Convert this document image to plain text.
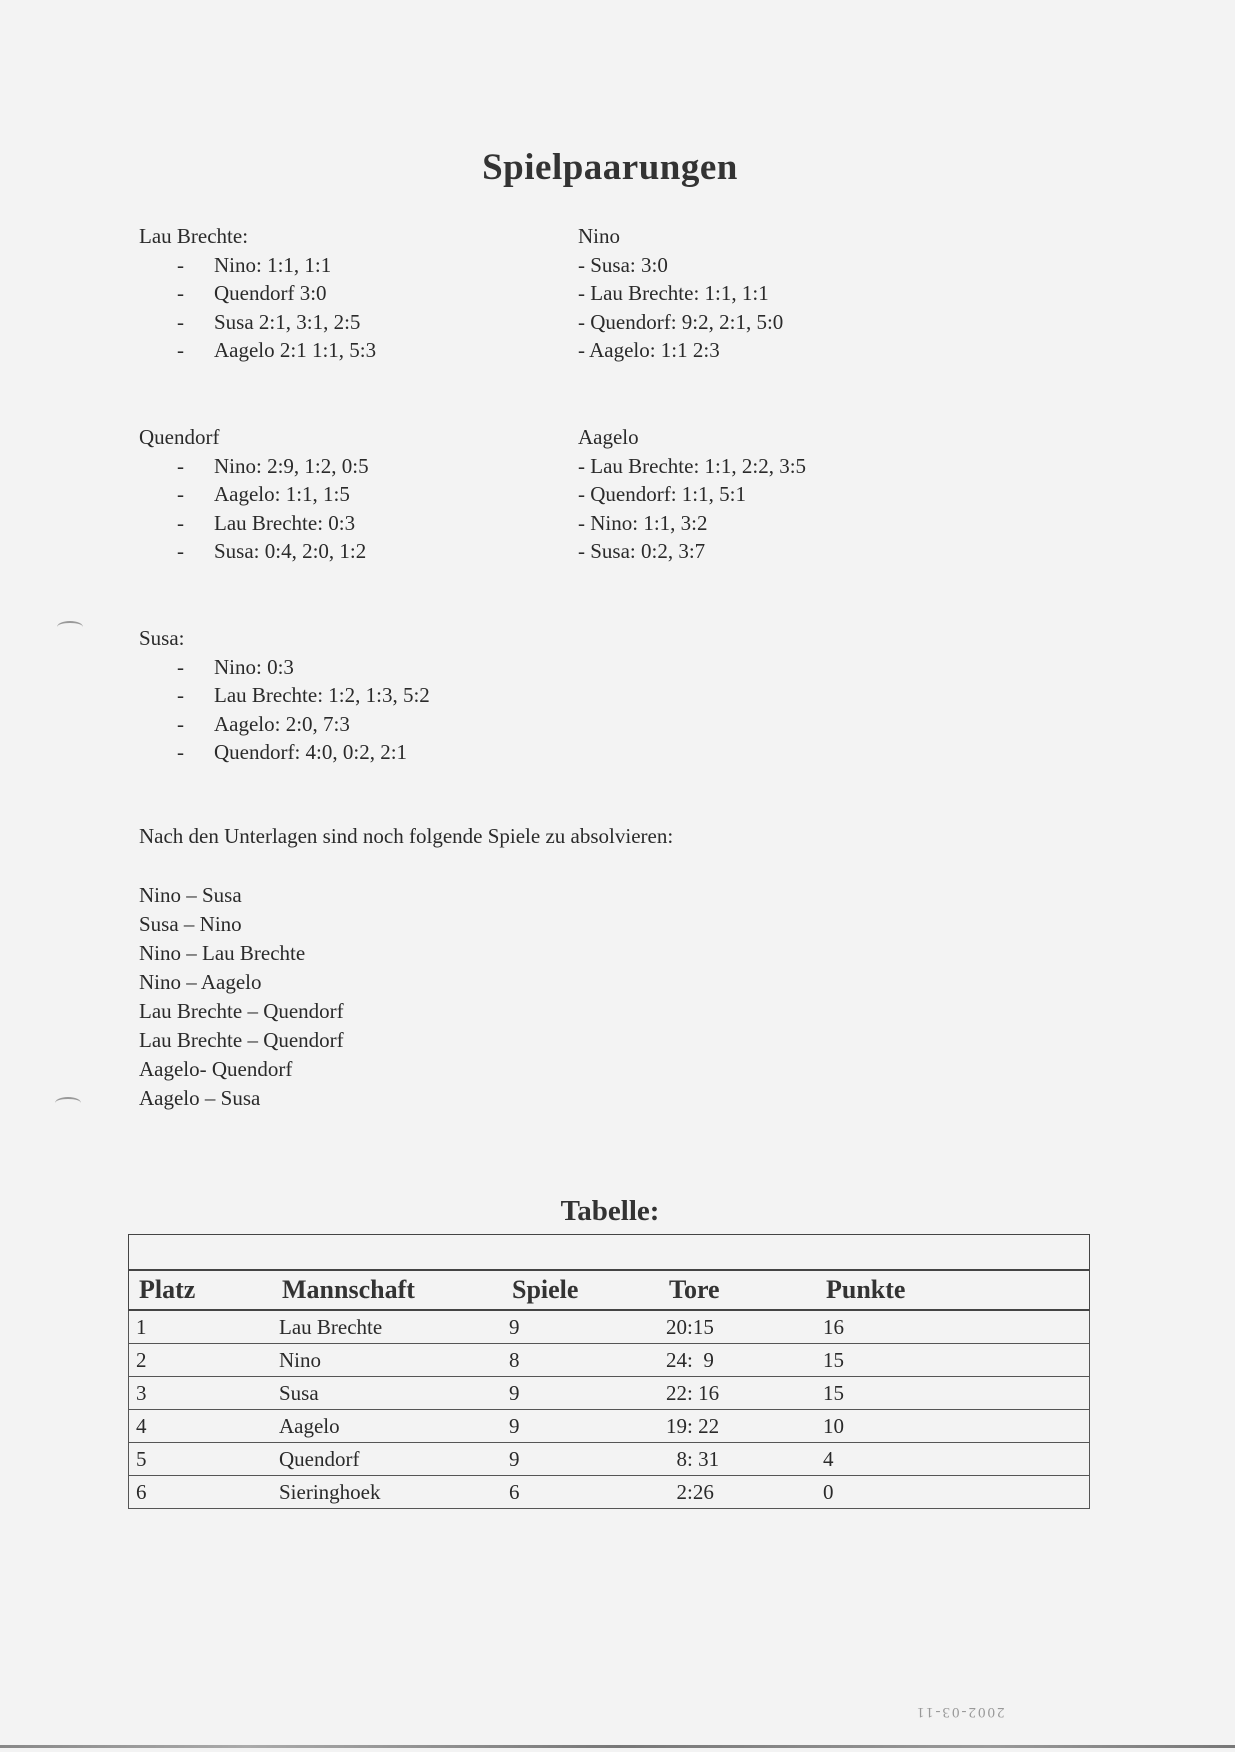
Spielpaarungen
Lau Brechte:
- Nino: 1:1, 1:1
- Quendorf 3:0
- Susa 2:1, 3:1, 2:5
- Aagelo 2:1 1:1, 5:3
Nino
- Susa: 3:0
- Lau Brechte: 1:1, 1:1
- Quendorf: 9:2, 2:1, 5:0
- Aagelo: 1:1 2:3
Quendorf
- Nino: 2:9, 1:2, 0:5
- Aagelo: 1:1, 1:5
- Lau Brechte: 0:3
- Susa: 0:4, 2:0, 1:2
Aagelo
- Lau Brechte: 1:1, 2:2, 3:5
- Quendorf: 1:1, 5:1
- Nino: 1:1, 3:2
- Susa: 0:2, 3:7
Susa:
- Nino: 0:3
- Lau Brechte: 1:2, 1:3, 5:2
- Aagelo: 2:0, 7:3
- Quendorf: 4:0, 0:2, 2:1
Nach den Unterlagen sind noch folgende Spiele zu absolvieren:
Nino – Susa
Susa – Nino
Nino – Lau Brechte
Nino – Aagelo
Lau Brechte – Quendorf
Lau Brechte – Quendorf
Aagelo- Quendorf
Aagelo – Susa
Tabelle:
Platz	Mannschaft	Spiele	Tore	Punkte
1	Lau Brechte	9	20:15	16
2	Nino	8	24:  9	15
3	Susa	9	22: 16	15
4	Aagelo	9	19: 22	10
5	Quendorf	9	8: 31	4
6	Sieringhoek	6	2:26	0
2002-03-11
